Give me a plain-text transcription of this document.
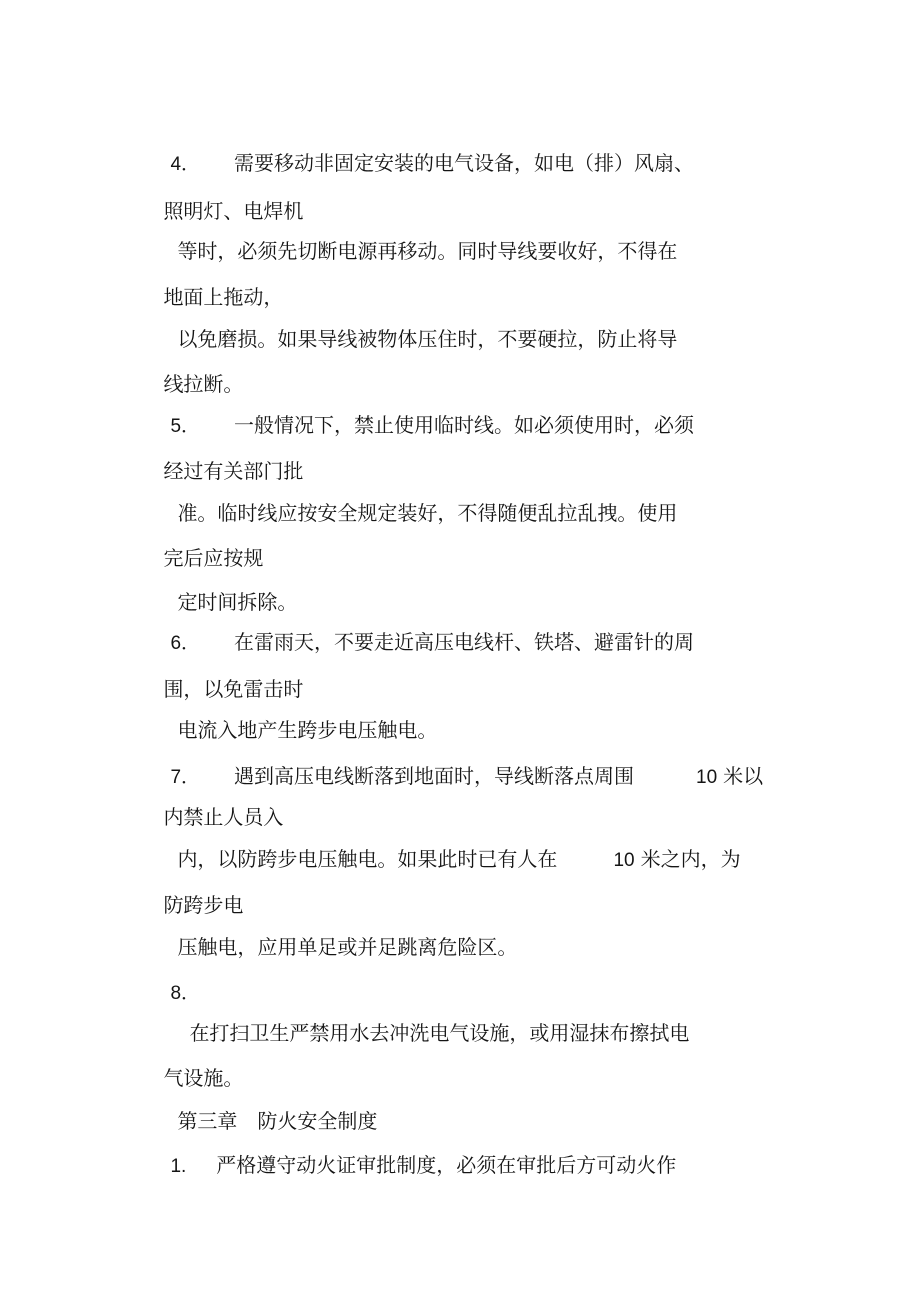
4． 需要移动非固定安装的电气设备，如电（排）风扇、

照明灯、电焊机

等时，必须先切断电源再移动。同时导线要收好，不得在

地面上拖动，

以免磨损。如果导线被物体压住时，不要硬拉，防止将导

线拉断。

5． 一般情况下，禁止使用临时线。如必须使用时，必须

经过有关部门批

准。临时线应按安全规定装好，不得随便乱拉乱拽。使用

完后应按规

定时间拆除。

6． 在雷雨天，不要走近高压电线杆、铁塔、避雷针的周

围，以免雷击时

电流入地产生跨步电压触电。

7． 遇到高压电线断落到地面时，导线断落点周围	10 米以

内禁止人员入

内，以防跨步电压触电。如果此时已有人在	10 米之内，为

防跨步电

压触电，应用单足或并足跳离危险区。

8．

在打扫卫生严禁用水去冲洗电气设施，或用湿抹布擦拭电

气设施。

第三章　防火安全制度

1. 严格遵守动火证审批制度，必须在审批后方可动火作
